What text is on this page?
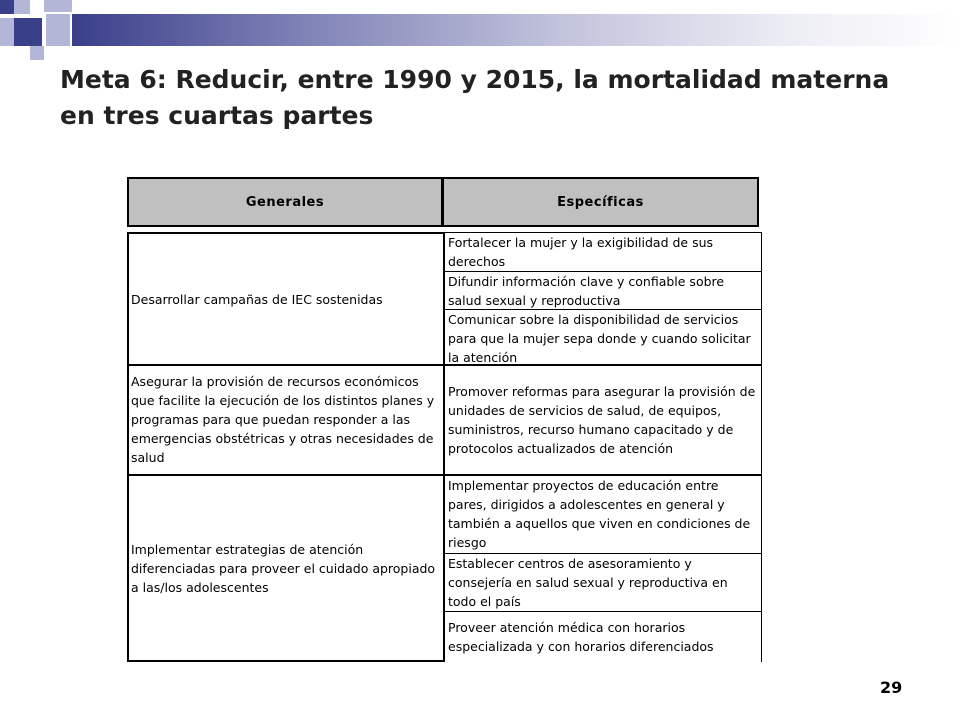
Meta 6: Reducir, entre 1990 y 2015, la mortalidad materna en tres cuartas partes
Generales	Específicas
Desarrollar campañas de IEC sostenidas
Asegurar la provisión de recursos económicos que facilite la ejecución de los distintos planes y programas para que puedan responder a las emergencias obstétricas y otras necesidades de salud
Implementar estrategias de atención diferenciadas para proveer el cuidado apropiado a las/los adolescentes
Fortalecer la mujer y la exigibilidad de sus derechos
Difundir información clave y confiable sobre salud sexual y reproductiva
Comunicar sobre la disponibilidad de servicios para que la mujer sepa donde y cuando solicitar la atención
Promover reformas para asegurar la provisión de unidades de servicios de salud, de equipos, suministros, recurso humano capacitado y de protocolos actualizados de atención
Implementar proyectos de educación entre pares, dirigidos a adolescentes en general y también a aquellos que viven en condiciones de riesgo
Establecer centros de asesoramiento y consejería en salud sexual y reproductiva en todo el país
Proveer atención médica con horarios especializada y con horarios diferenciados
29
